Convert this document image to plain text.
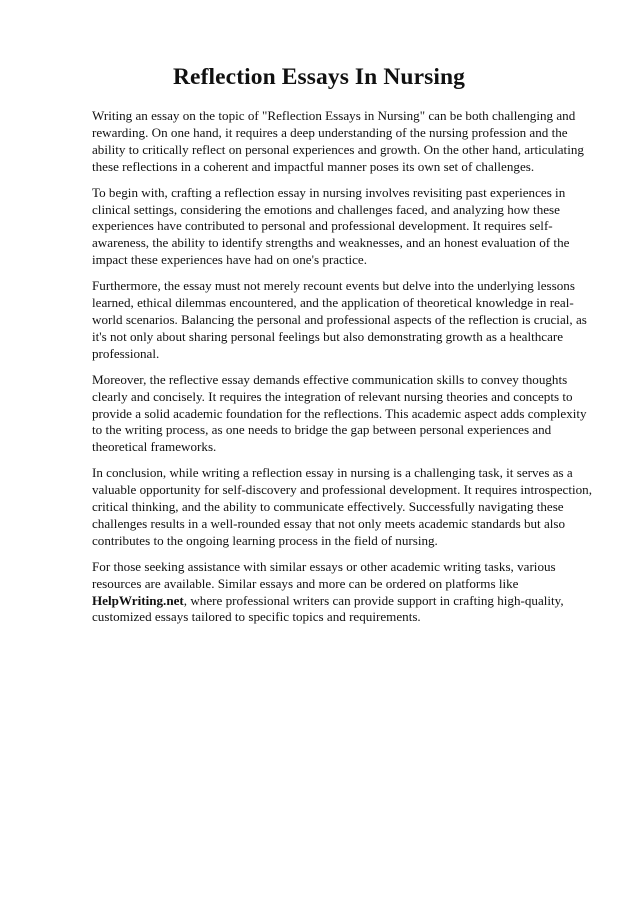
Reflection Essays In Nursing

Writing an essay on the topic of "Reflection Essays in Nursing" can be both challenging and rewarding. On one hand, it requires a deep understanding of the nursing profession and the ability to critically reflect on personal experiences and growth. On the other hand, articulating these reflections in a coherent and impactful manner poses its own set of challenges.

To begin with, crafting a reflection essay in nursing involves revisiting past experiences in clinical settings, considering the emotions and challenges faced, and analyzing how these experiences have contributed to personal and professional development. It requires self-awareness, the ability to identify strengths and weaknesses, and an honest evaluation of the impact these experiences have had on one's practice.

Furthermore, the essay must not merely recount events but delve into the underlying lessons learned, ethical dilemmas encountered, and the application of theoretical knowledge in real-world scenarios. Balancing the personal and professional aspects of the reflection is crucial, as it's not only about sharing personal feelings but also demonstrating growth as a healthcare professional.

Moreover, the reflective essay demands effective communication skills to convey thoughts clearly and concisely. It requires the integration of relevant nursing theories and concepts to provide a solid academic foundation for the reflections. This academic aspect adds complexity to the writing process, as one needs to bridge the gap between personal experiences and theoretical frameworks.

In conclusion, while writing a reflection essay in nursing is a challenging task, it serves as a valuable opportunity for self-discovery and professional development. It requires introspection, critical thinking, and the ability to communicate effectively. Successfully navigating these challenges results in a well-rounded essay that not only meets academic standards but also contributes to the ongoing learning process in the field of nursing.

For those seeking assistance with similar essays or other academic writing tasks, various resources are available. Similar essays and more can be ordered on platforms like HelpWriting.net, where professional writers can provide support in crafting high-quality, customized essays tailored to specific topics and requirements.
